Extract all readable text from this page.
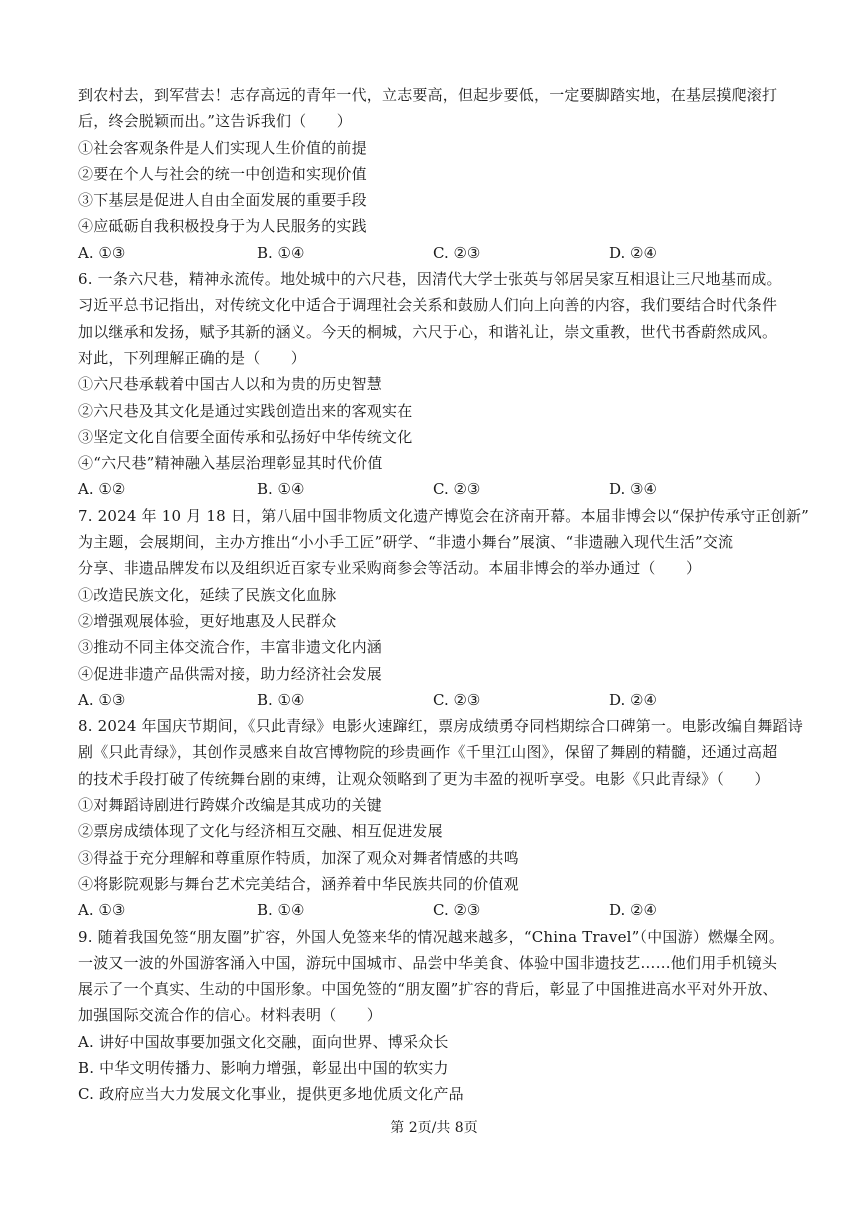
到农村去，到军营去！志存高远的青年一代，立志要高，但起步要低，一定要脚踏实地，在基层摸爬滚打
后，终会脱颖而出。”这告诉我们（　　）
①社会客观条件是人们实现人生价值的前提
②要在个人与社会的统一中创造和实现价值
③下基层是促进人自由全面发展的重要手段
④应砥砺自我积极投身于为人民服务的实践
A. ①③	B. ①④	C. ②③	D. ②④
6. 一条六尺巷，精神永流传。地处城中的六尺巷，因清代大学士张英与邻居吴家互相退让三尺地基而成。
习近平总书记指出，对传统文化中适合于调理社会关系和鼓励人们向上向善的内容，我们要结合时代条件
加以继承和发扬，赋予其新的涵义。今天的桐城，六尺于心，和谐礼让，崇文重教，世代书香蔚然成风。
对此，下列理解正确的是（　　）
①六尺巷承载着中国古人以和为贵的历史智慧
②六尺巷及其文化是通过实践创造出来的客观实在
③坚定文化自信要全面传承和弘扬好中华传统文化
④“六尺巷”精神融入基层治理彰显其时代价值
A. ①②	B. ①④	C. ②③	D. ③④
7. 2024 年 10 月 18 日，第八届中国非物质文化遗产博览会在济南开幕。本届非博会以“保护传承守正创新”
为主题，会展期间，主办方推出“小小手工匠”研学、“非遗小舞台”展演、“非遗融入现代生活”交流
分享、非遗品牌发布以及组织近百家专业采购商参会等活动。本届非博会的举办通过（　　）
①改造民族文化，延续了民族文化血脉
②增强观展体验，更好地惠及人民群众
③推动不同主体交流合作，丰富非遗文化内涵
④促进非遗产品供需对接，助力经济社会发展
A. ①③	B. ①④	C. ②③	D. ②④
8. 2024 年国庆节期间，《只此青绿》电影火速蹿红，票房成绩勇夺同档期综合口碑第一。电影改编自舞蹈诗
剧《只此青绿》，其创作灵感来自故宫博物院的珍贵画作《千里江山图》，保留了舞剧的精髓，还通过高超
的技术手段打破了传统舞台剧的束缚，让观众领略到了更为丰盈的视听享受。电影《只此青绿》（　　）
①对舞蹈诗剧进行跨媒介改编是其成功的关键
②票房成绩体现了文化与经济相互交融、相互促进发展
③得益于充分理解和尊重原作特质，加深了观众对舞者情感的共鸣
④将影院观影与舞台艺术完美结合，涵养着中华民族共同的价值观
A. ①③	B. ①④	C. ②③	D. ②④
9. 随着我国免签“朋友圈”扩容，外国人免签来华的情况越来越多，“China Travel”（中国游）燃爆全网。
一波又一波的外国游客涌入中国，游玩中国城市、品尝中华美食、体验中国非遗技艺……他们用手机镜头
展示了一个真实、生动的中国形象。中国免签的“朋友圈”扩容的背后，彰显了中国推进高水平对外开放、
加强国际交流合作的信心。材料表明（　　）
A. 讲好中国故事要加强文化交融，面向世界、博采众长
B. 中华文明传播力、影响力增强，彰显出中国的软实力
C. 政府应当大力发展文化事业，提供更多地优质文化产品
第 2页/共 8页
